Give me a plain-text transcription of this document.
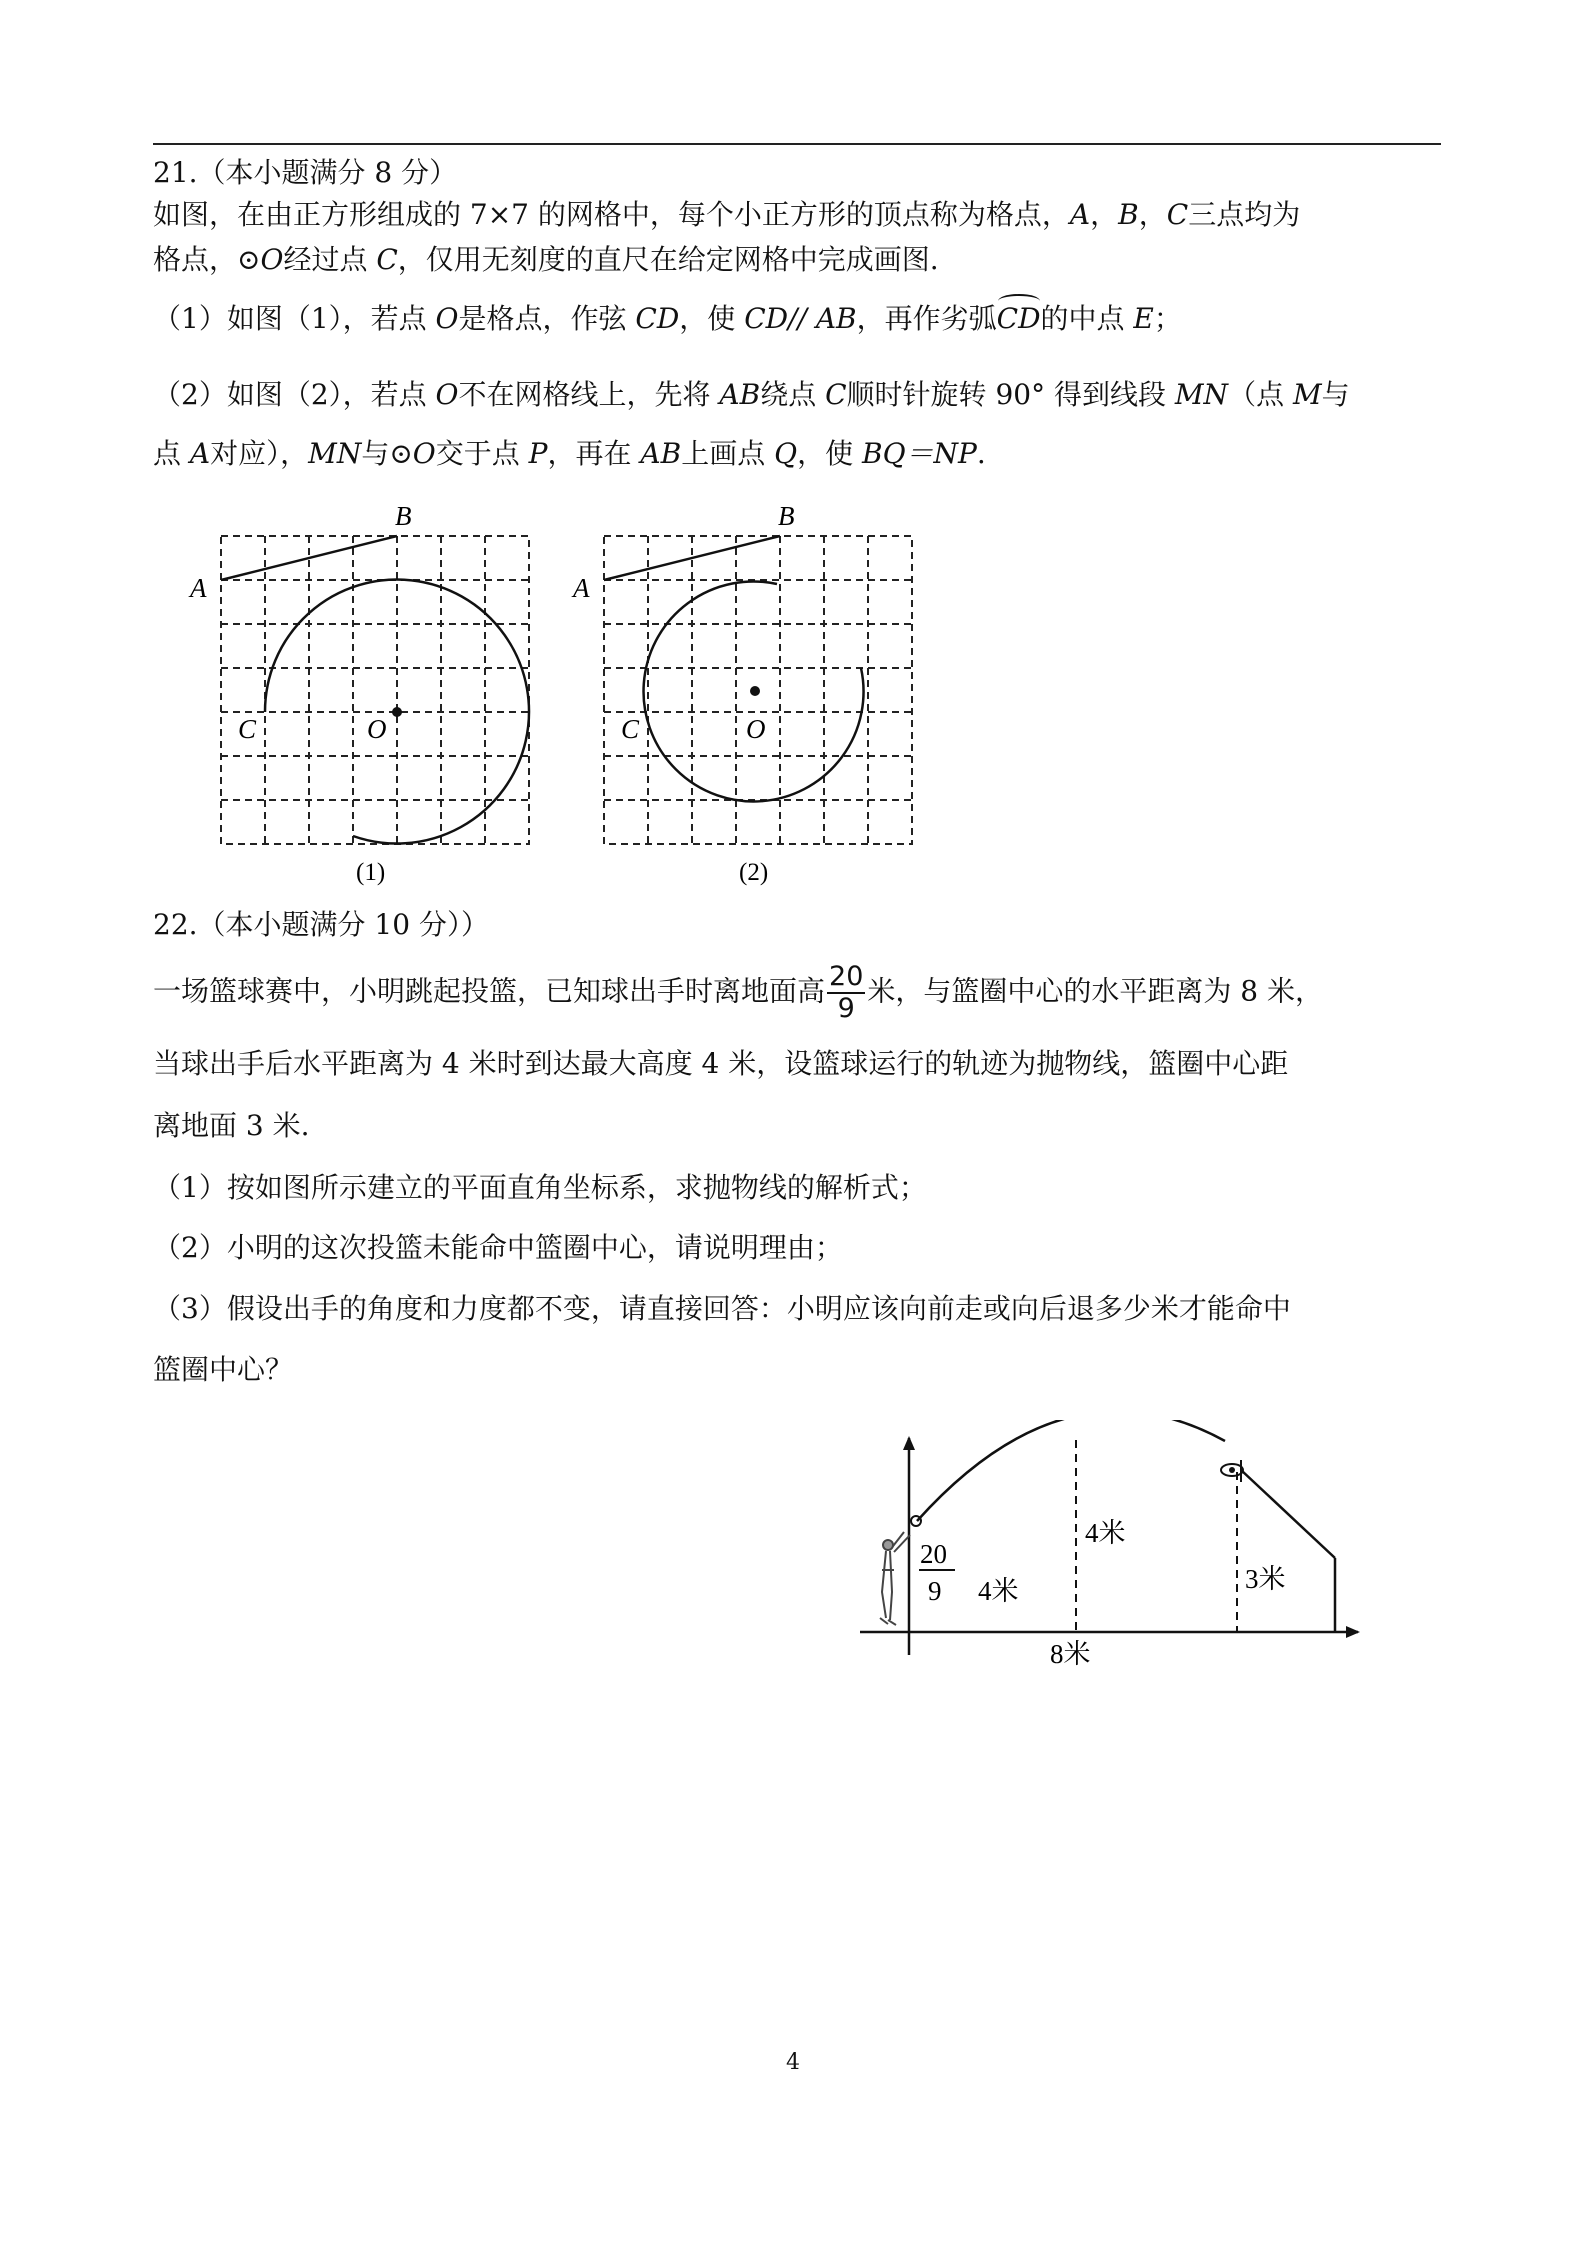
21.（本小题满分 8 分）
如图，在由正方形组成的 7×7 的网格中，每个小正方形的顶点称为格点，A，B，C三点均为
格点，⊙O经过点 C，仅用无刻度的直尺在给定网格中完成画图.
（1）如图（1），若点 O是格点，作弦 CD，使 CD// AB，再作劣弧CD的中点 E；
（2）如图（2），若点 O不在网格线上，先将 AB绕点 C顺时针旋转 90° 得到线段 MN（点 M与
点 A对应），MN与⊙O交于点 P，再在 AB上画点 Q，使 BQ＝NP.
A
B
C	O
(1)
A
B
C	O
(2)
22.（本小题满分 10 分））
一场篮球赛中，小明跳起投篮，已知球出手时离地面高 $\frac{20}{9}$ 米，与篮圈中心的水平距离为 8 米，
当球出手后水平距离为 4 米时到达最大高度 4 米，设篮球运行的轨迹为抛物线，篮圈中心距
离地面 3 米.
（1）按如图所示建立的平面直角坐标系，求抛物线的解析式；
（2）小明的这次投篮未能命中篮圈中心，请说明理由；
（3）假设出手的角度和力度都不变，请直接回答：小明应该向前走或向后退多少米才能命中
篮圈中心？
20
9 4米
4米
3米
8米
4
